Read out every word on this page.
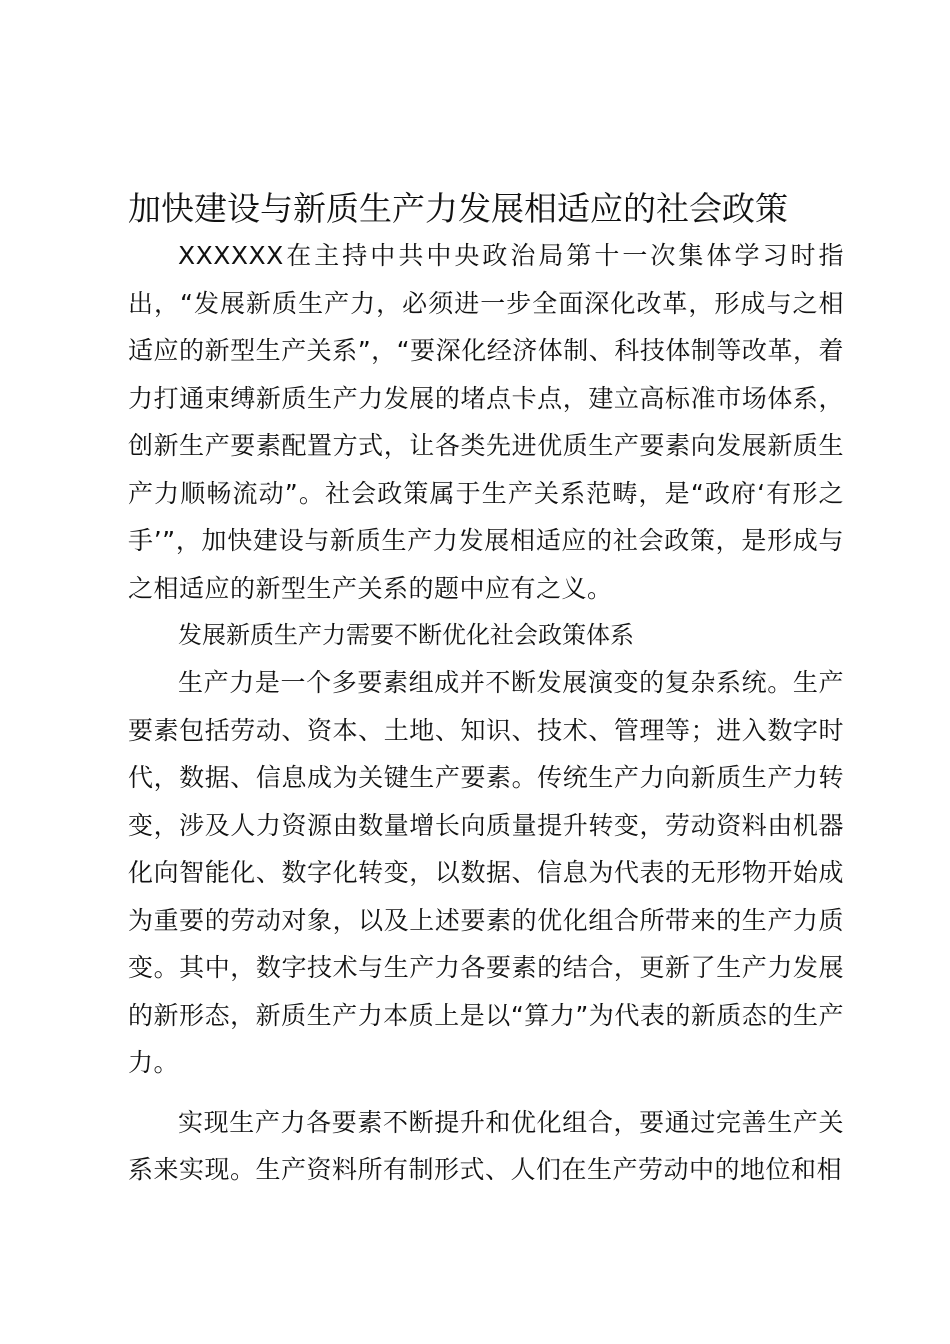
加快建设与新质生产力发展相适应的社会政策

XXXXXX在主持中共中央政治局第十一次集体学习时指出，“发展新质生产力，必须进一步全面深化改革，形成与之相适应的新型生产关系”，“要深化经济体制、科技体制等改革，着力打通束缚新质生产力发展的堵点卡点，建立高标准市场体系，创新生产要素配置方式，让各类先进优质生产要素向发展新质生产力顺畅流动”。社会政策属于生产关系范畴，是“政府‘有形之手’”，加快建设与新质生产力发展相适应的社会政策，是形成与之相适应的新型生产关系的题中应有之义。

发展新质生产力需要不断优化社会政策体系

生产力是一个多要素组成并不断发展演变的复杂系统。生产要素包括劳动、资本、土地、知识、技术、管理等；进入数字时代，数据、信息成为关键生产要素。传统生产力向新质生产力转变，涉及人力资源由数量增长向质量提升转变，劳动资料由机器化向智能化、数字化转变，以数据、信息为代表的无形物开始成为重要的劳动对象，以及上述要素的优化组合所带来的生产力质变。其中，数字技术与生产力各要素的结合，更新了生产力发展的新形态，新质生产力本质上是以“算力”为代表的新质态的生产力。

实现生产力各要素不断提升和优化组合，要通过完善生产关系来实现。生产资料所有制形式、人们在生产劳动中的地位和相
